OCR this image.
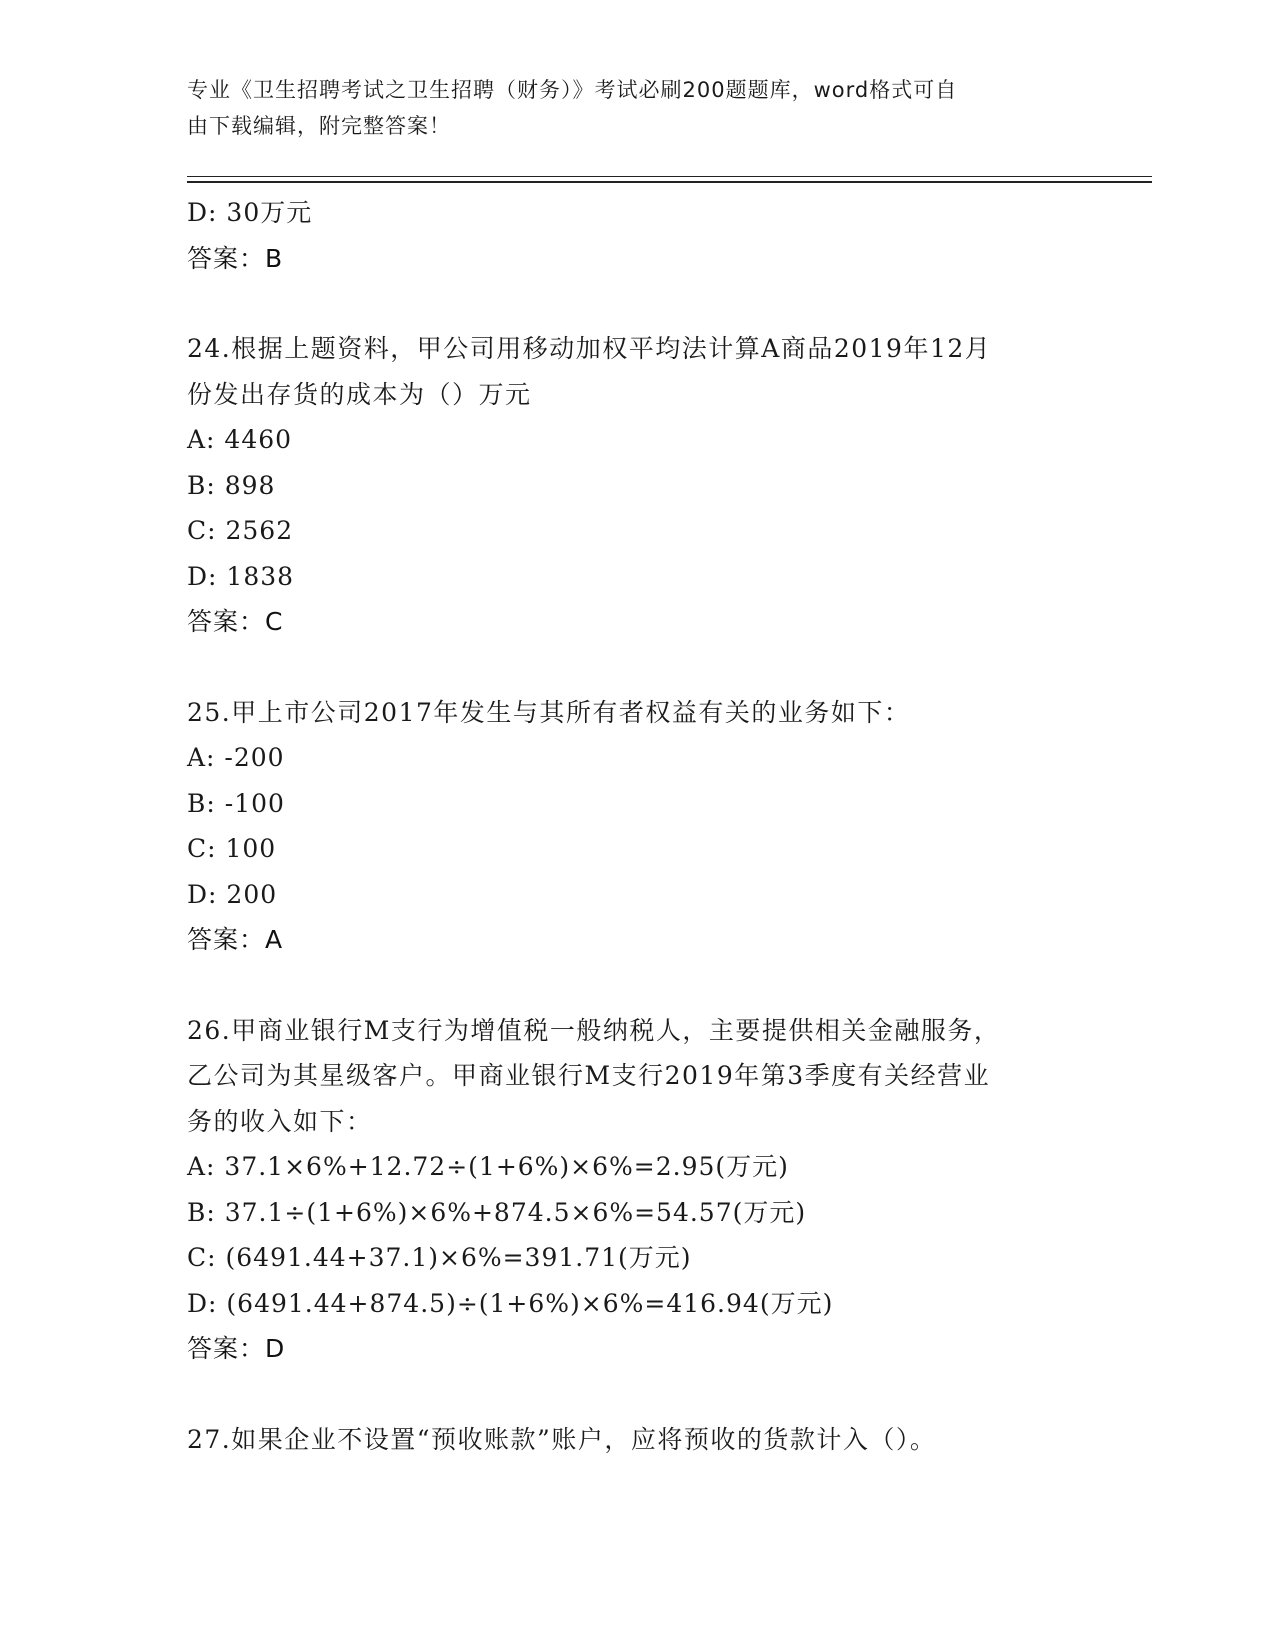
专业《卫生招聘考试之卫生招聘（财务）》考试必刷200题题库，word格式可自
由下载编辑，附完整答案！
D: 30万元
答案：B
24.根据上题资料，甲公司用移动加权平均法计算A商品2019年12月
份发出存货的成本为（）万元
A: 4460
B: 898
C: 2562
D: 1838
答案：C
25.甲上市公司2017年发生与其所有者权益有关的业务如下：
A: -200
B: -100
C: 100
D: 200
答案：A
26.甲商业银行M支行为增值税一般纳税人，主要提供相关金融服务，
乙公司为其星级客户。甲商业银行M支行2019年第3季度有关经营业
务的收入如下：
A: 37.1×6%+12.72÷(1+6%)×6%=2.95(万元)
B: 37.1÷(1+6%)×6%+874.5×6%=54.57(万元)
C: (6491.44+37.1)×6%=391.71(万元)
D: (6491.44+874.5)÷(1+6%)×6%=416.94(万元)
答案：D
27.如果企业不设置“预收账款”账户，应将预收的货款计入（）。
